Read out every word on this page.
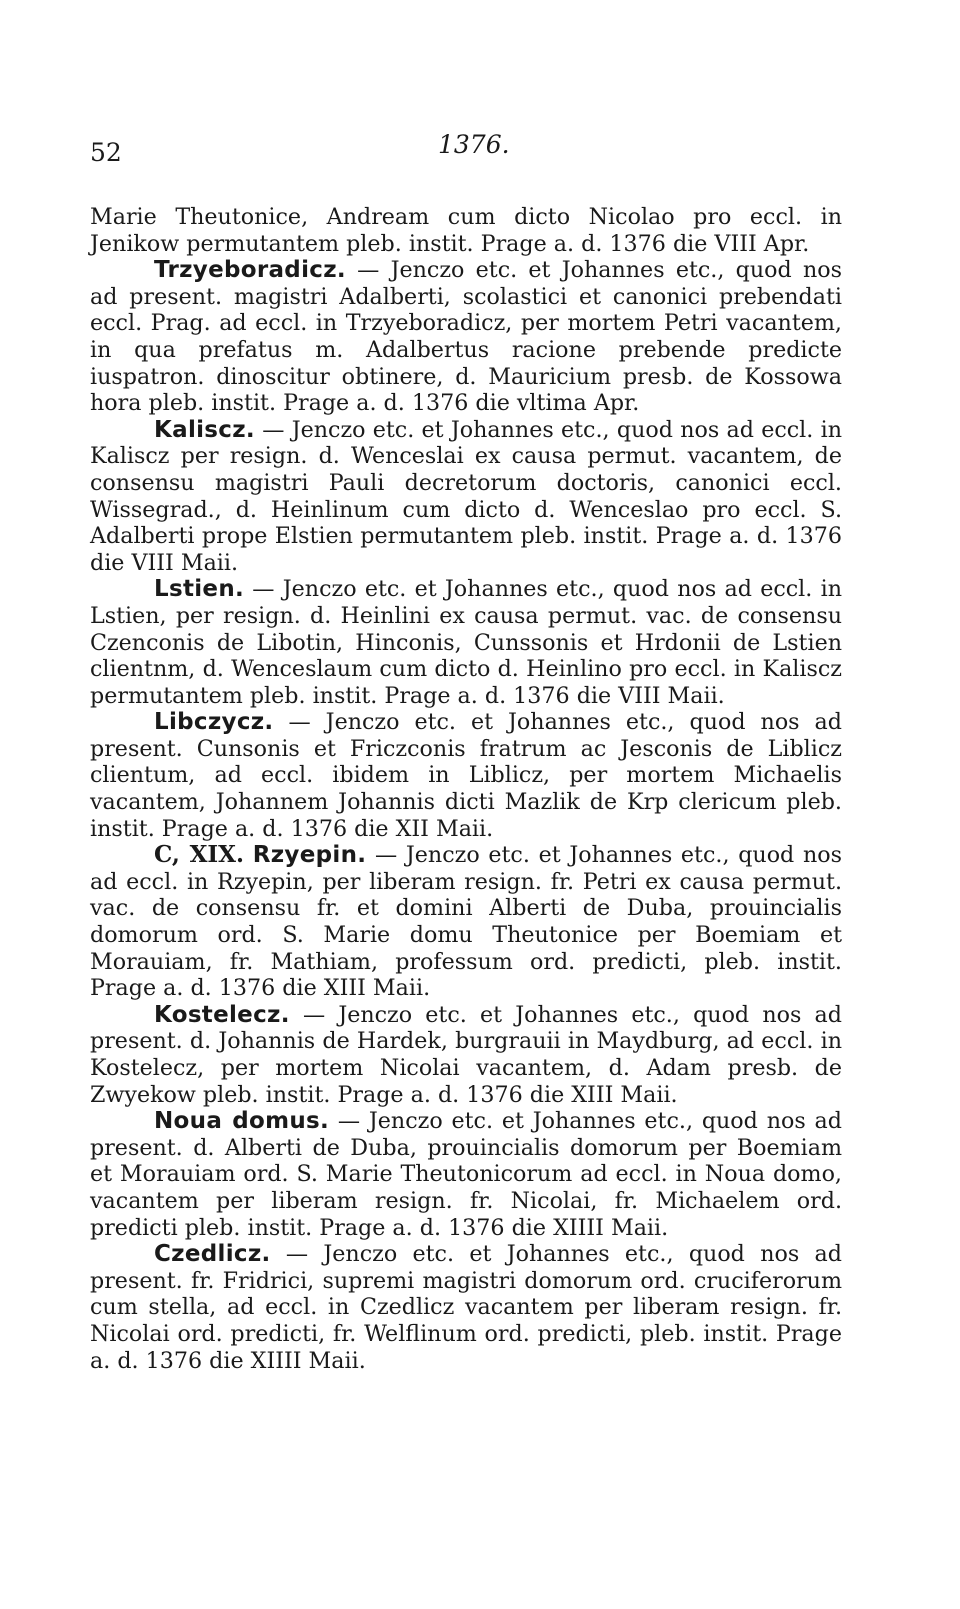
52	1376.

Marie Theutonice, Andream cum dicto Nicolao pro eccl. in Jenikow permutantem pleb. instit. Prage a. d. 1376 die VIII Apr.

Trzyeboradicz. — Jenczo etc. et Johannes etc., quod nos ad present. magistri Adalberti, scolastici et canonici prebendati eccl. Prag. ad eccl. in Trzyeboradicz, per mortem Petri vacantem, in qua prefatus m. Adalbertus racione prebende predicte iuspatron. dinoscitur obtinere, d. Mauricium presb. de Kossowa hora pleb. instit. Prage a. d. 1376 die vltima Apr.

Kaliscz. — Jenczo etc. et Johannes etc., quod nos ad eccl. in Kaliscz per resign. d. Wenceslai ex causa permut. vacantem, de consensu magistri Pauli decretorum doctoris, canonici eccl. Wissegrad., d. Heinlinum cum dicto d. Wenceslao pro eccl. S. Adalberti prope Elstien permutantem pleb. instit. Prage a. d. 1376 die VIII Maii.

Lstien. — Jenczo etc. et Johannes etc., quod nos ad eccl. in Lstien, per resign. d. Heinlini ex causa permut. vac. de consensu Czenconis de Libotin, Hinconis, Cunssonis et Hrdonii de Lstien clientnm, d. Wenceslaum cum dicto d. Heinlino pro eccl. in Kaliscz permutantem pleb. instit. Prage a. d. 1376 die VIII Maii.

Libczycz. — Jenczo etc. et Johannes etc., quod nos ad present. Cunsonis et Friczconis fratrum ac Jesconis de Liblicz clientum, ad eccl. ibidem in Liblicz, per mortem Michaelis vacantem, Johannem Johannis dicti Mazlik de Krp clericum pleb. instit. Prage a. d. 1376 die XII Maii.

C, XIX. Rzyepin. — Jenczo etc. et Johannes etc., quod nos ad eccl. in Rzyepin, per liberam resign. fr. Petri ex causa permut. vac. de consensu fr. et domini Alberti de Duba, prouincialis domorum ord. S. Marie domu Theutonice per Boemiam et Morauiam, fr. Mathiam, professum ord. predicti, pleb. instit. Prage a. d. 1376 die XIII Maii.

Kostelecz. — Jenczo etc. et Johannes etc., quod nos ad present. d. Johannis de Hardek, burgrauii in Maydburg, ad eccl. in Kostelecz, per mortem Nicolai vacantem, d. Adam presb. de Zwyekow pleb. instit. Prage a. d. 1376 die XIII Maii.

Noua domus. — Jenczo etc. et Johannes etc., quod nos ad present. d. Alberti de Duba, prouincialis domorum per Boemiam et Morauiam ord. S. Marie Theutonicorum ad eccl. in Noua domo, vacantem per liberam resign. fr. Nicolai, fr. Michaelem ord. predicti pleb. instit. Prage a. d. 1376 die XIIII Maii.

Czedlicz. — Jenczo etc. et Johannes etc., quod nos ad present. fr. Fridrici, supremi magistri domorum ord. cruciferorum cum stella, ad eccl. in Czedlicz vacantem per liberam resign. fr. Nicolai ord. predicti, fr. Welflinum ord. predicti, pleb. instit. Prage a. d. 1376 die XIIII Maii.
